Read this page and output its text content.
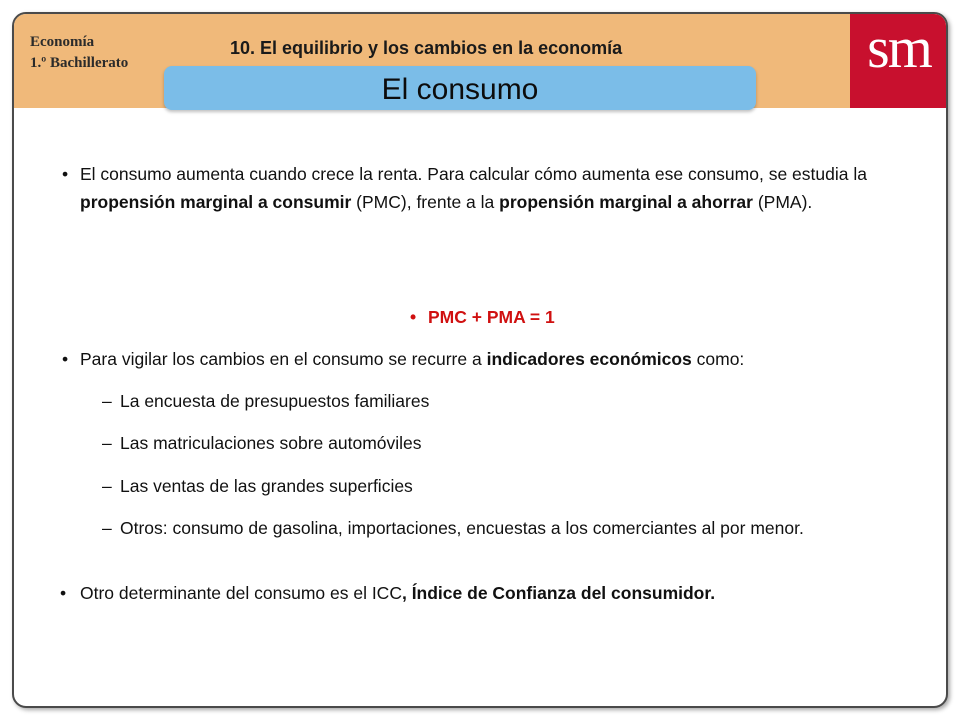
Economía
1.º Bachillerato
10. El equilibrio y los cambios en la economía	sm
El consumo
• El consumo aumenta cuando crece la renta. Para calcular cómo aumenta ese consumo, se estudia la propensión marginal a consumir (PMC), frente a la propensión marginal a ahorrar (PMA).
• PMC + PMA = 1
• Para vigilar los cambios en el consumo se recurre a indicadores económicos como:
– La encuesta de presupuestos familiares
– Las matriculaciones sobre automóviles
– Las ventas de las grandes superficies
– Otros: consumo de gasolina, importaciones, encuestas a los comerciantes al por menor.
• Otro determinante del consumo es el ICC, Índice de Confianza del consumidor.
